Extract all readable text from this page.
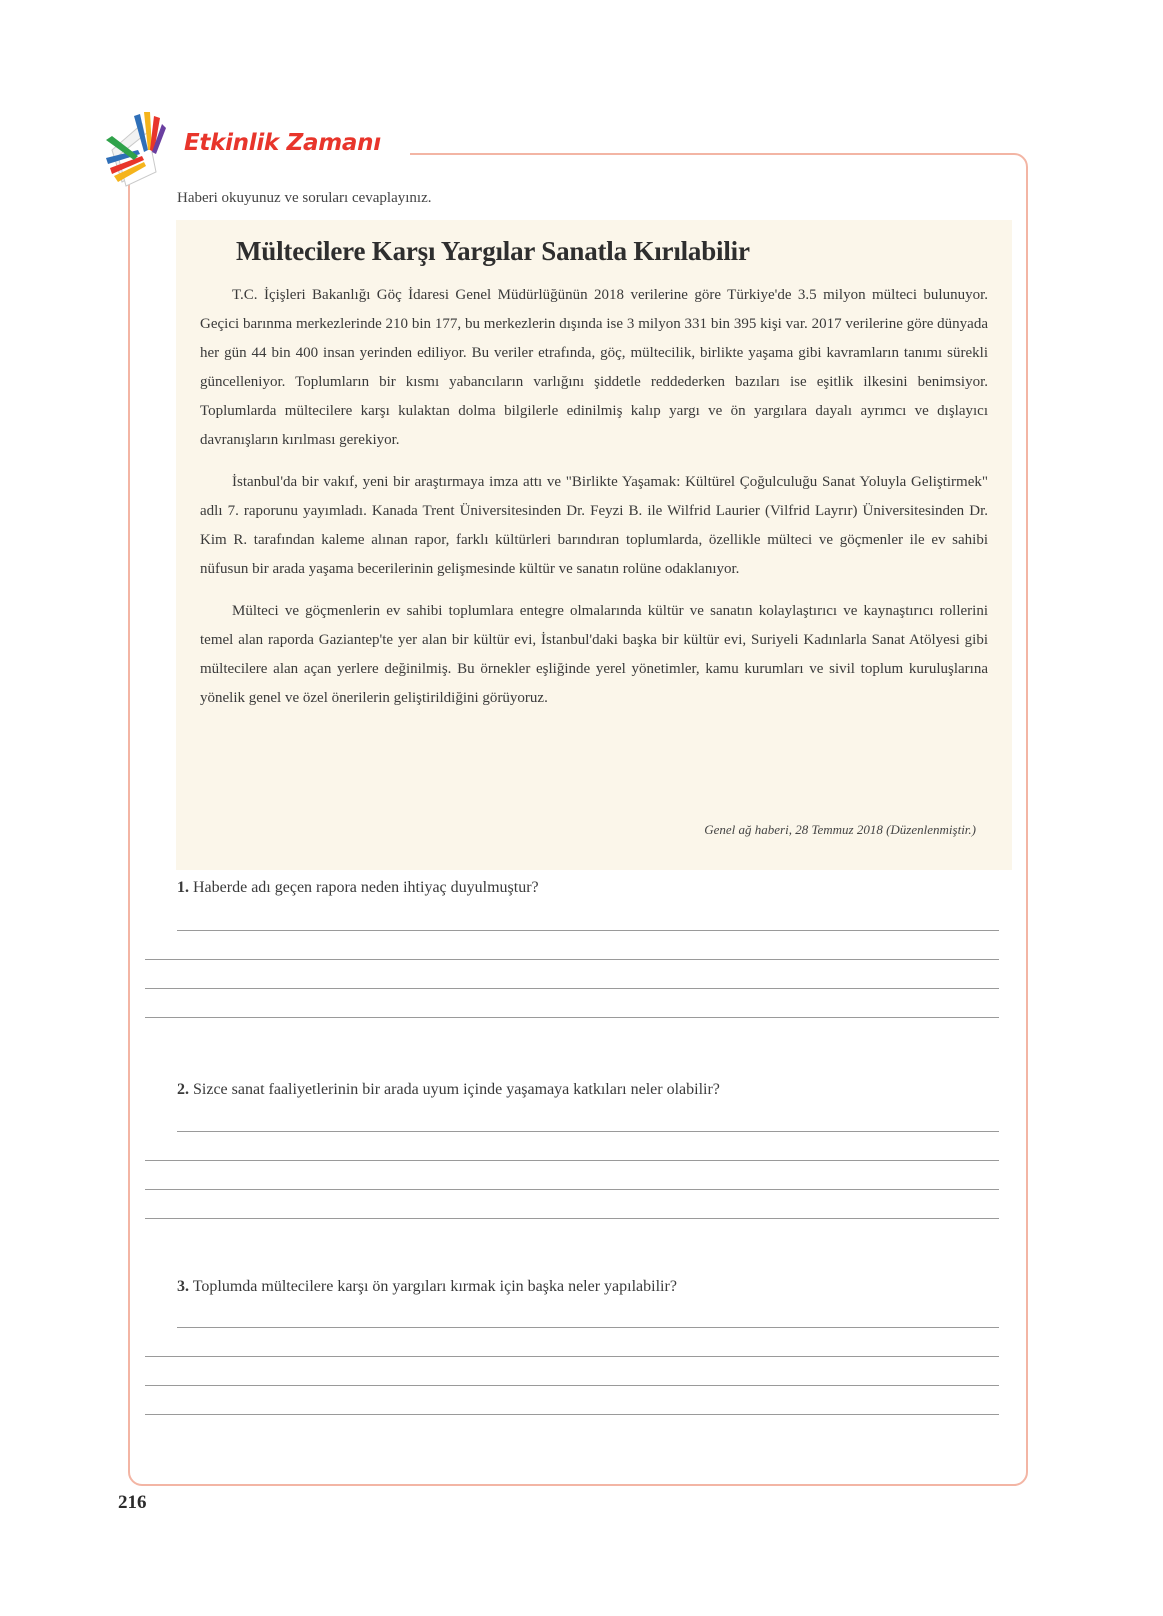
Etkinlik Zamanı
Haberi okuyunuz ve soruları cevaplayınız.
Mültecilere Karşı Yargılar Sanatla Kırılabilir

T.C. İçişleri Bakanlığı Göç İdaresi Genel Müdürlüğünün 2018 verilerine göre Türkiye'de 3.5 milyon mülteci bulunuyor. Geçici barınma merkezlerinde 210 bin 177, bu merkezlerin dışında ise 3 milyon 331 bin 395 kişi var. 2017 verilerine göre dünyada her gün 44 bin 400 insan yerinden ediliyor. Bu veriler etrafında, göç, mültecilik, birlikte yaşama gibi kavramların tanımı sürekli güncelleniyor. Toplumların bir kısmı yabancıların varlığını şiddetle reddederken bazıları ise eşitlik ilkesini benimsiyor. Toplumlarda mültecilere karşı kulaktan dolma bilgilerle edinilmiş kalıp yargı ve ön yargılara dayalı ayrımcı ve dışlayıcı davranışların kırılması gerekiyor.

İstanbul'da bir vakıf, yeni bir araştırmaya imza attı ve "Birlikte Yaşamak: Kültürel Çoğulculuğu Sanat Yoluyla Geliştirmek" adlı 7. raporunu yayımladı. Kanada Trent Üniversitesinden Dr. Feyzi B. ile Wilfrid Laurier (Vilfrid Layrır) Üniversitesinden Dr. Kim R. tarafından kaleme alınan rapor, farklı kültürleri barındıran toplumlarda, özellikle mülteci ve göçmenler ile ev sahibi nüfusun bir arada yaşama becerilerinin gelişmesinde kültür ve sanatın rolüne odaklanıyor.

Mülteci ve göçmenlerin ev sahibi toplumlara entegre olmalarında kültür ve sanatın kolaylaştırıcı ve kaynaştırıcı rollerini temel alan raporda Gaziantep'te yer alan bir kültür evi, İstanbul'daki başka bir kültür evi, Suriyeli Kadınlarla Sanat Atölyesi gibi mültecilere alan açan yerlere değinilmiş. Bu örnekler eşliğinde yerel yönetimler, kamu kurumları ve sivil toplum kuruluşlarına yönelik genel ve özel önerilerin geliştirildiğini görüyoruz.

Genel ağ haberi, 28 Temmuz 2018 (Düzenlenmiştir.)
1. Haberde adı geçen rapora neden ihtiyaç duyulmuştur?
2. Sizce sanat faaliyetlerinin bir arada uyum içinde yaşamaya katkıları neler olabilir?
3. Toplumda mültecilere karşı ön yargıları kırmak için başka neler yapılabilir?
216
